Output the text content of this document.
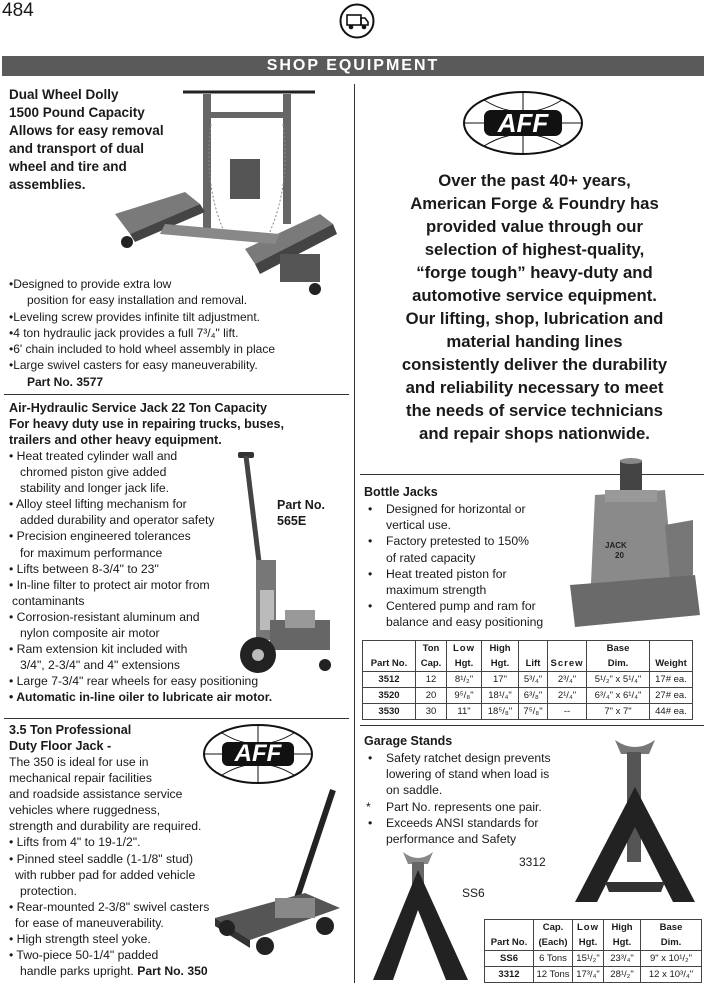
484
SHOP EQUIPMENT
Dual Wheel Dolly
1500 Pound Capacity
Allows for easy removal
and transport of dual
wheel and tire and
assemblies.
•Designed to provide extra low
position for easy installation and removal.
•Leveling screw provides infinite tilt adjustment.
•4 ton hydraulic jack provides a full 7³/₄" lift.
•6' chain included to hold wheel assembly in place
•Large swivel casters for easy maneuverability.
Part No. 3577
Air-Hydraulic Service Jack 22 Ton Capacity
For heavy duty use in repairing trucks, buses,
trailers and other heavy equipment.
• Heat treated cylinder wall and
chromed piston give added
stability and longer jack life.
• Alloy steel lifting mechanism for
added durability and operator safety
• Precision engineered tolerances
for maximum performance
• Lifts between 8-3/4" to 23"
• In-line filter to protect air motor from
contaminants
• Corrosion-resistant aluminum and
nylon composite air motor
• Ram extension kit included with
3/4", 2-3/4" and 4" extensions
• Large 7-3/4" rear wheels for easy positioning
• Automatic in-line oiler to lubricate air motor.
Part No.
565E
3.5 Ton Professional
Duty Floor Jack -	AFF
The 350 is ideal for use in
mechanical repair facilities
and roadside assistance service
vehicles where ruggedness,
strength and durability are required.
• Lifts from 4" to 19-1/2".
• Pinned steel saddle (1-1/8" stud)
with rubber pad for added vehicle
protection.
• Rear-mounted 2-3/8" swivel casters
for ease of maneuverability.
• High strength steel yoke.
• Two-piece 50-1/4" padded
handle parks upright. Part No. 350
AFF
Over the past 40+ years,
American Forge & Foundry has
provided value through our
selection of highest-quality,
“forge tough” heavy-duty and
automotive service equipment.
Our lifting, shop, lubrication and
material handing lines
consistently deliver the durability
and reliability necessary to meet
the needs of service technicians
and repair shops nationwide.
Bottle Jacks
• Designed for horizontal or
vertical use.
• Factory pretested to 150%
of rated capacity
• Heat treated piston for
maximum strength
• Centered pump and ram for
balance and easy positioning
JACK
20
	Ton	Low	High			Base	
Part No.	Cap.	Hgt.	Hgt.	Lift	Screw	Dim.	Weight
3512	12	8¹/₂"	17"	5³/₄"	2³/₄"	5¹/₂" x 5¹/₄"	17# ea.
3520	20	9⁵/₈"	18¹/₄"	6³/₈"	2¹/₄"	6³/₄" x 6¹/₄"	27# ea.
3530	30	11"	18⁵/₈"	7⁵/₈"	--	7" x 7"	44# ea.
Garage Stands
• Safety ratchet design prevents
lowering of stand when load is
on saddle.
* Part No. represents one pair.
• Exceeds ANSI standards for
performance and Safety
3312
SS6
	Cap.	Low	High	Base
Part No.	(Each)	Hgt.	Hgt.	Dim.
SS6	6 Tons	15¹/₂"	23³/₄"	9" x 10¹/₂"
3312	12 Tons	17³/₄"	28¹/₂"	12 x 10³/₄"
